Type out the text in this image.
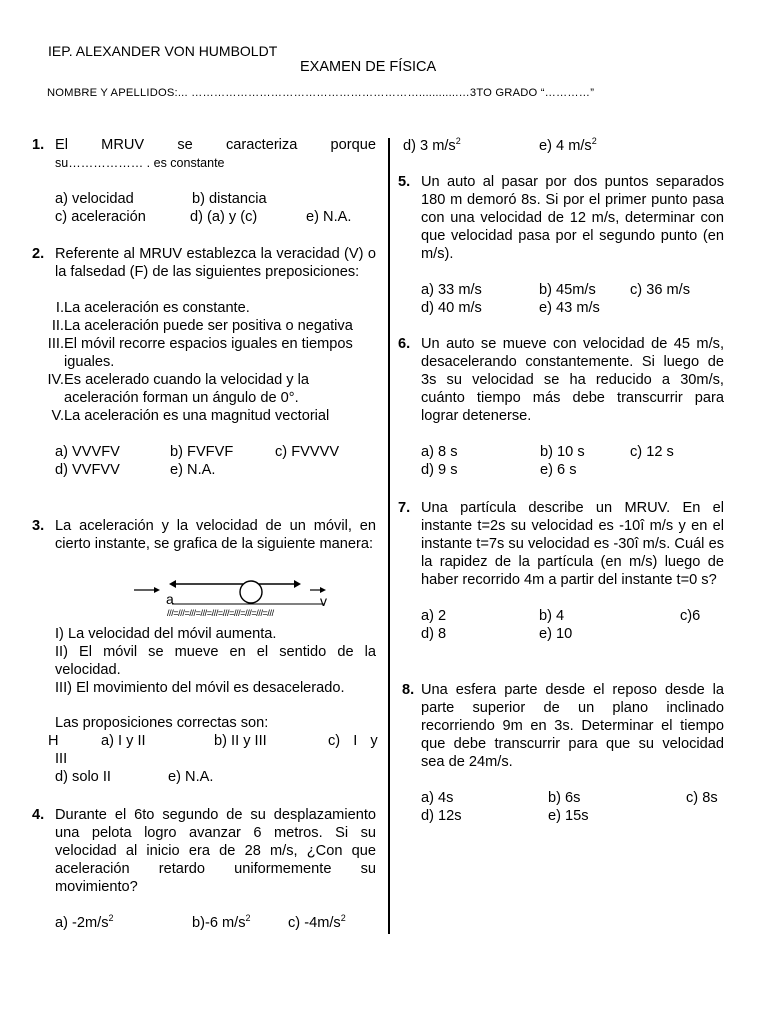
IEP. ALEXANDER VON HUMBOLDT
EXAMEN DE FÍSICA
NOMBRE Y APELLIDOS:... ……………………………………………………............…3TO GRADO “…………”
1. El MRUV se caracteriza porque
su……………… . es constante
a) velocidad	b) distancia
c) aceleración	d) (a) y (c)	e) N.A.
2. Referente al MRUV establezca la veracidad (V) o la falsedad (F) de las siguientes preposiciones:
I. La aceleración es constante.
II. La aceleración puede ser positiva o negativa
III. El móvil recorre espacios iguales en tiempos
iguales.
IV. Es acelerado cuando la velocidad y la
aceleración forman un ángulo de 0°.
V. La aceleración es una magnitud vectorial
a) VVVFV	b) FVFVF	c) FVVVV
d) VVFVV	e) N.A.
3. La aceleración y la velocidad de un móvil, en cierto instante, se grafica de la siguiente manera:
a	v
///=///=///=///=///=///=///=///=///=///
I) La velocidad del móvil aumenta.
II) El móvil se mueve en el sentido de la velocidad.
III) El movimiento del móvil es desacelerado.
Las proposiciones correctas son:
H	a) I y II	b) II y III	c) I y
III
d) solo II	e) N.A.
4. Durante el 6to segundo de su desplazamiento una pelota logro avanzar 6 metros. Si su velocidad al inicio era de 28 m/s, ¿Con que aceleración retardo uniformemente su movimiento?
a) $-2m/s^2$	b)-6 $m/s^2$	c) $-4m/s^2$
d) 3 $m/s^2$	e) 4 $m/s^2$
5. Un auto al pasar por dos puntos separados 180 m demoró 8s. Si por el primer punto pasa con una velocidad de 12 m/s, determinar con que velocidad pasa por el segundo punto (en m/s).
a) 33 m/s	b) 45m/s c) 36 m/s
d) 40 m/s	e) 43 m/s
6. Un auto se mueve con velocidad de 45 m/s, desacelerando constantemente. Si luego de 3s su velocidad se ha reducido a 30m/s, cuánto tiempo más debe transcurrir para lograr detenerse.
a) 8 s	b) 10 s	c) 12 s
d) 9 s	e) 6 s
7. Una partícula describe un MRUV. En el instante t=2s su velocidad es -10î m/s y en el instante t=7s su velocidad es -30î m/s. Cuál es la rapidez de la partícula (en m/s) luego de haber recorrido 4m a partir del instante t=0 s?
a) 2	b) 4	c)6
d) 8	e) 10
8. Una esfera parte desde el reposo desde la parte superior de un plano inclinado recorriendo 9m en 3s. Determinar el tiempo que debe transcurrir para que su velocidad sea de 24m/s.
a) 4s	b) 6s	c) 8s
d) 12s	e) 15s
